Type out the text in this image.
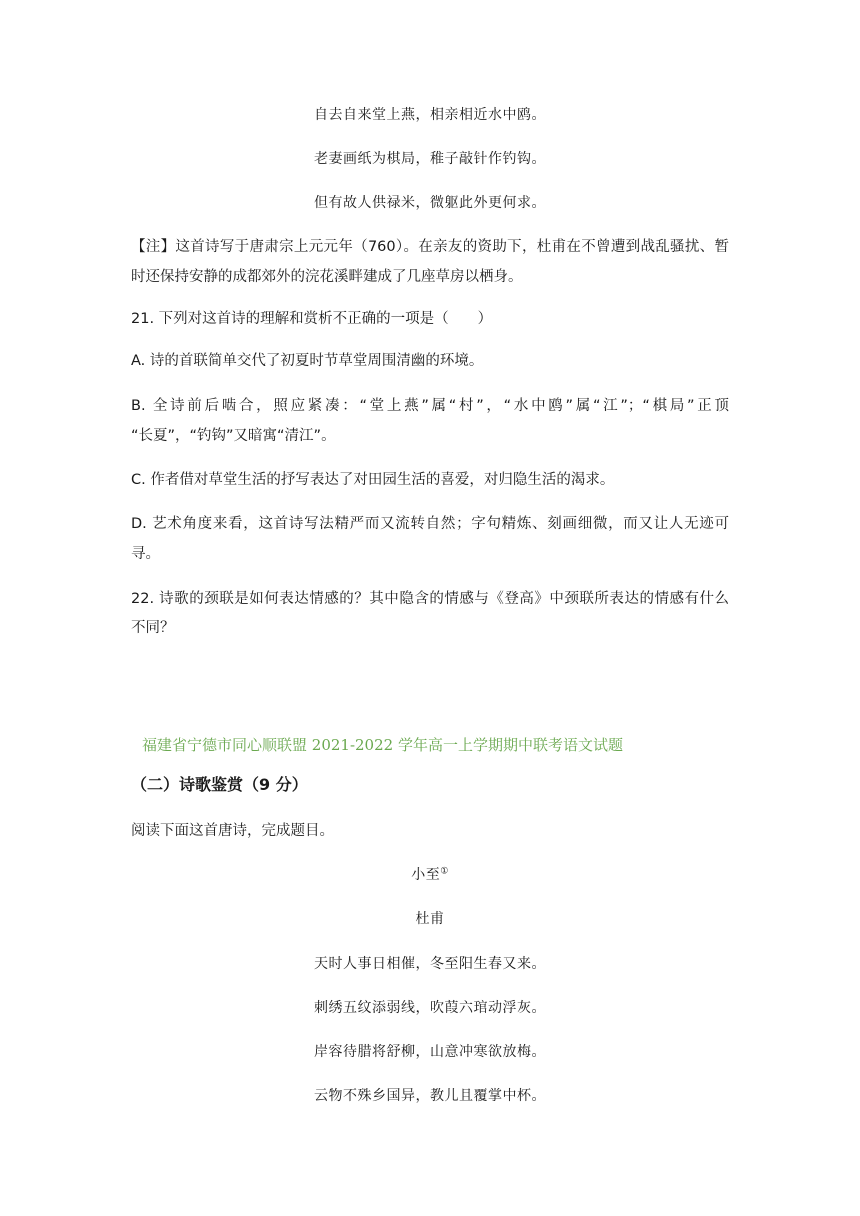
自去自来堂上燕，相亲相近水中鸥。
老妻画纸为棋局，稚子敲针作钓钩。
但有故人供禄米，微躯此外更何求。
【注】这首诗写于唐肃宗上元元年（760）。在亲友的资助下，杜甫在不曾遭到战乱骚扰、暂
时还保持安静的成都郊外的浣花溪畔建成了几座草房以栖身。
21. 下列对这首诗的理解和赏析不正确的一项是（　　）
A. 诗的首联简单交代了初夏时节草堂周围清幽的环境。
B. 全诗前后啮合，照应紧凑：“堂上燕”属“村”，“水中鸥”属“江”；“棋局”正顶
“长夏”，“钓钩”又暗寓“清江”。
C. 作者借对草堂生活的抒写表达了对田园生活的喜爱，对归隐生活的渴求。
D. 艺术角度来看，这首诗写法精严而又流转自然；字句精炼、刻画细微，而又让人无迹可
寻。
22. 诗歌的颈联是如何表达情感的？其中隐含的情感与《登高》中颈联所表达的情感有什么
不同？
福建省宁德市同心顺联盟 2021-2022 学年高一上学期期中联考语文试题
（二）诗歌鉴赏（9 分）
阅读下面这首唐诗，完成题目。
小至①
杜甫
天时人事日相催，冬至阳生春又来。
刺绣五纹添弱线，吹葭六琯动浮灰。
岸容待腊将舒柳，山意冲寒欲放梅。
云物不殊乡国异，教儿且覆掌中杯。
